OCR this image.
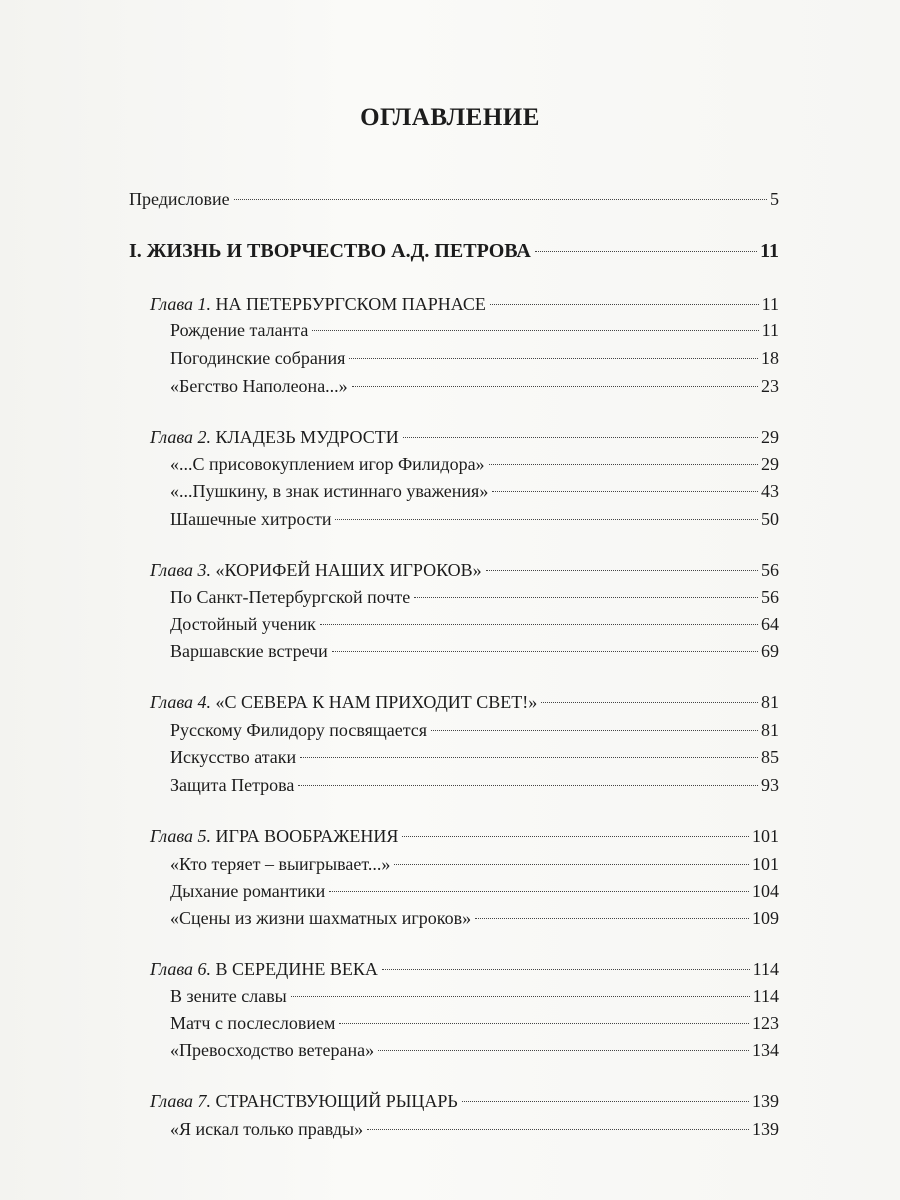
ОГЛАВЛЕНИЕ
Предисловие	5
I. ЖИЗНЬ И ТВОРЧЕСТВО А.Д. ПЕТРОВА	11
Глава 1. НА ПЕТЕРБУРГСКОМ ПАРНАСЕ	11
Рождение таланта	11
Погодинские собрания	18
«Бегство Наполеона...»	23
Глава 2. КЛАДЕЗЬ МУДРОСТИ	29
«...С присовокуплением игор Филидора»	29
«...Пушкину, в знак истиннаго уважения»	43
Шашечные хитрости	50
Глава 3. «КОРИФЕЙ НАШИХ ИГРОКОВ»	56
По Санкт-Петербургской почте	56
Достойный ученик	64
Варшавские встречи	69
Глава 4. «С СЕВЕРА К НАМ ПРИХОДИТ СВЕТ!»	81
Русскому Филидору посвящается	81
Искусство атаки	85
Защита Петрова	93
Глава 5. ИГРА ВООБРАЖЕНИЯ	101
«Кто теряет – выигрывает...»	101
Дыхание романтики	104
«Сцены из жизни шахматных игроков»	109
Глава 6. В СЕРЕДИНЕ ВЕКА	114
В зените славы	114
Матч с послесловием	123
«Превосходство ветерана»	134
Глава 7. СТРАНСТВУЮЩИЙ РЫЦАРЬ	139
«Я искал только правды»	139
